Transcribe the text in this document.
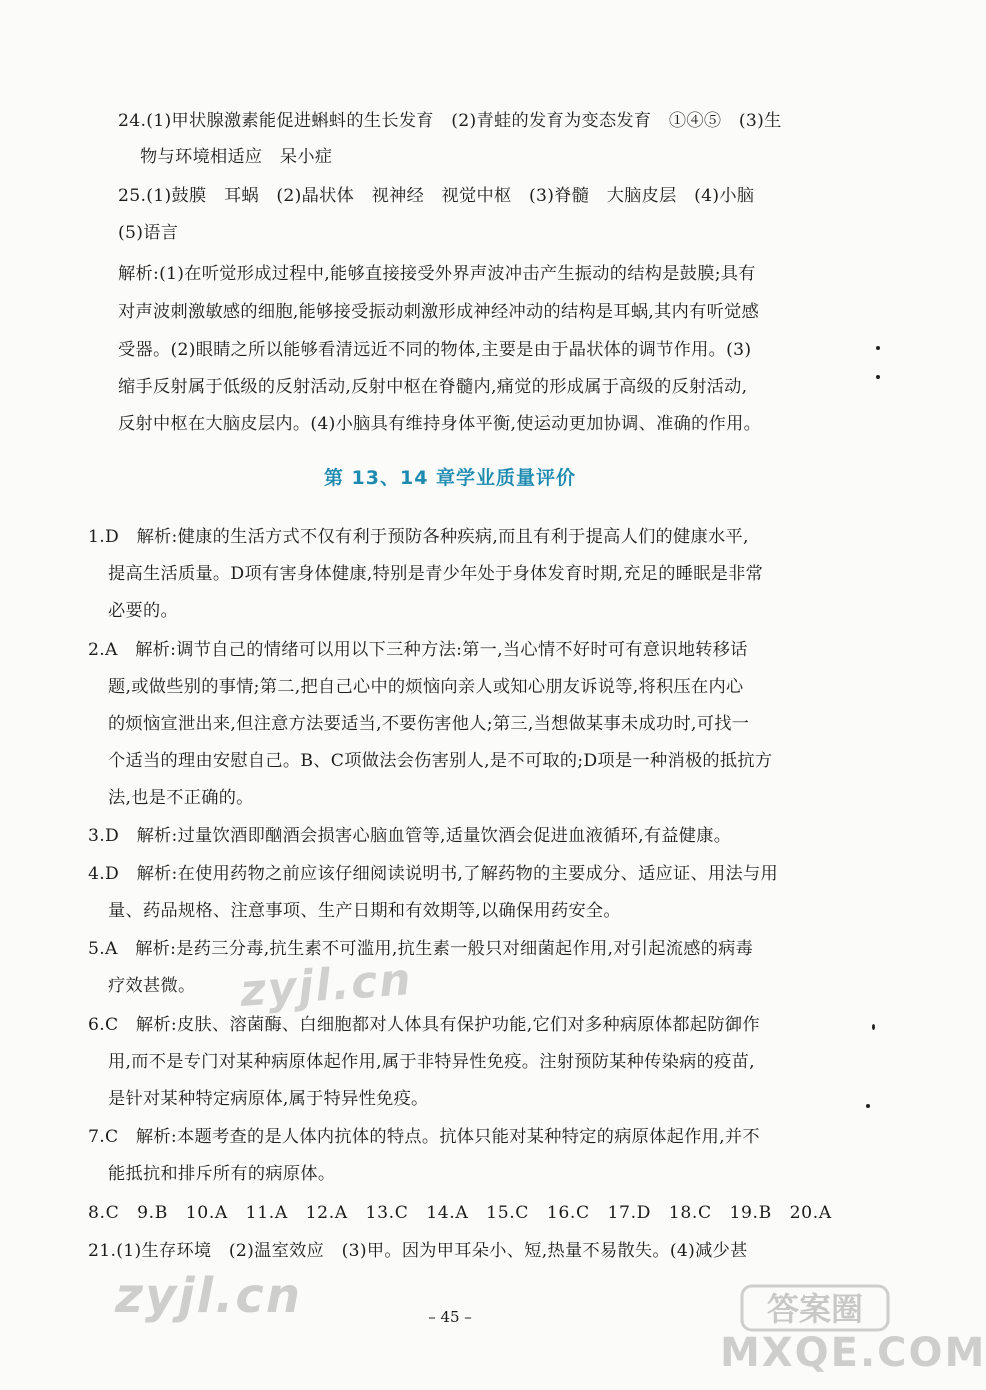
24.(1)甲状腺激素能促进蝌蚪的生长发育　(2)青蛙的发育为变态发育　①④⑤　(3)生
物与环境相适应　呆小症
25.(1)鼓膜　耳蜗　(2)晶状体　视神经　视觉中枢　(3)脊髓　大脑皮层　(4)小脑
(5)语言
解析:(1)在听觉形成过程中,能够直接接受外界声波冲击产生振动的结构是鼓膜;具有
对声波刺激敏感的细胞,能够接受振动刺激形成神经冲动的结构是耳蜗,其内有听觉感
受器。(2)眼睛之所以能够看清远近不同的物体,主要是由于晶状体的调节作用。(3)
缩手反射属于低级的反射活动,反射中枢在脊髓内,痛觉的形成属于高级的反射活动,
反射中枢在大脑皮层内。(4)小脑具有维持身体平衡,使运动更加协调、准确的作用。
第 13、14 章学业质量评价
1.D　解析:健康的生活方式不仅有利于预防各种疾病,而且有利于提高人们的健康水平,
提高生活质量。D项有害身体健康,特别是青少年处于身体发育时期,充足的睡眠是非常
必要的。
2.A　解析:调节自己的情绪可以用以下三种方法:第一,当心情不好时可有意识地转移话
题,或做些别的事情;第二,把自己心中的烦恼向亲人或知心朋友诉说等,将积压在内心
的烦恼宣泄出来,但注意方法要适当,不要伤害他人;第三,当想做某事未成功时,可找一
个适当的理由安慰自己。B、C项做法会伤害别人,是不可取的;D项是一种消极的抵抗方
法,也是不正确的。
3.D　解析:过量饮酒即酗酒会损害心脑血管等,适量饮酒会促进血液循环,有益健康。
4.D　解析:在使用药物之前应该仔细阅读说明书,了解药物的主要成分、适应证、用法与用
量、药品规格、注意事项、生产日期和有效期等,以确保用药安全。
5.A　解析:是药三分毒,抗生素不可滥用,抗生素一般只对细菌起作用,对引起流感的病毒
疗效甚微。
6.C　解析:皮肤、溶菌酶、白细胞都对人体具有保护功能,它们对多种病原体都起防御作
用,而不是专门对某种病原体起作用,属于非特异性免疫。注射预防某种传染病的疫苗,
是针对某种特定病原体,属于特异性免疫。
7.C　解析:本题考查的是人体内抗体的特点。抗体只能对某种特定的病原体起作用,并不
能抵抗和排斥所有的病原体。
8.C　9.B　10.A　11.A　12.A　13.C　14.A　15.C　16.C　17.D　18.C　19.B　20.A
21.(1)生存环境　(2)温室效应　(3)甲。因为甲耳朵小、短,热量不易散失。(4)减少甚
– 45 –
zyjl.cn
zyjl.cn	答案圈
MXQE.COM
